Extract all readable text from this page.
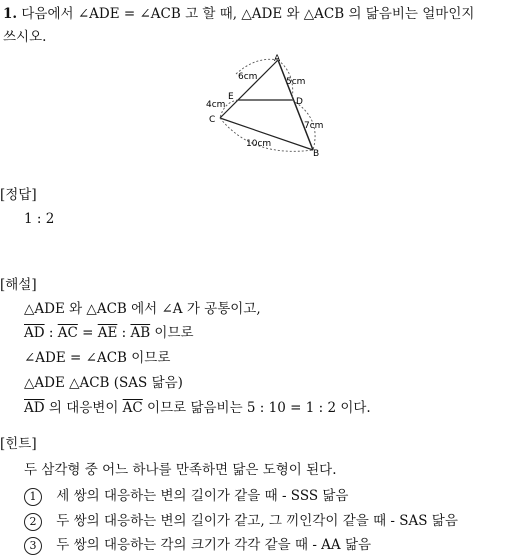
1. 다음에서 ∠ADE = ∠ACB 고 할 때, △ADE 와 △ACB 의 닮음비는 얼마인지
쓰시오.
A
E	D
C
B
6cm	5cm
4cm
7cm
10cm
[정답]
1 : 2
[해설]
△ADE 와 △ACB 에서 ∠A 가 공통이고,
$\overline{AD}$ : $\overline{AC} = \overline{AE}$ : $\overline{AB}$ 이므로
∠ADE = ∠ACB 이므로
△ADE △ACB (SAS 닮음)
$\overline{AD}$ 의 대응변이 $\overline{AC}$ 이므로 닮음비는 5 : 10 = 1 : 2 이다.
[힌트]
두 삼각형 중 어느 하나를 만족하면 닮은 도형이 된다.
1 세 쌍의 대응하는 변의 길이가 같을 때 - SSS 닮음
2 두 쌍의 대응하는 변의 길이가 같고, 그 끼인각이 같을 때 - SAS 닮음
3 두 쌍의 대응하는 각의 크기가 각각 같을 때 - AA 닮음
